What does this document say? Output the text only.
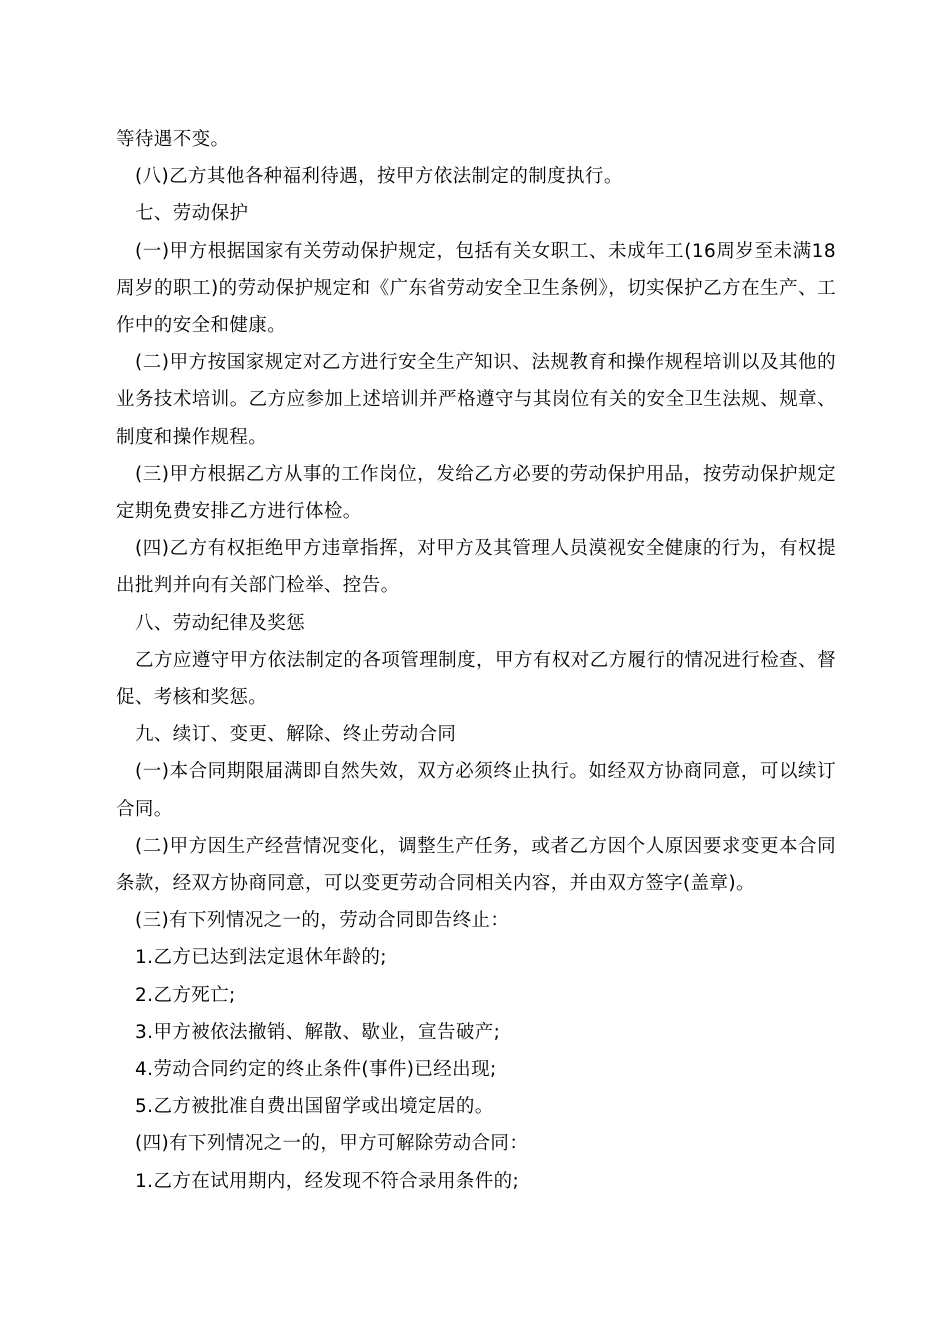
等待遇不变。

(八)乙方其他各种福利待遇，按甲方依法制定的制度执行。

七、劳动保护

(一)甲方根据国家有关劳动保护规定，包括有关女职工、未成年工(16周岁至未满18周岁的职工)的劳动保护规定和《广东省劳动安全卫生条例》，切实保护乙方在生产、工作中的安全和健康。

(二)甲方按国家规定对乙方进行安全生产知识、法规教育和操作规程培训以及其他的业务技术培训。乙方应参加上述培训并严格遵守与其岗位有关的安全卫生法规、规章、制度和操作规程。

(三)甲方根据乙方从事的工作岗位，发给乙方必要的劳动保护用品，按劳动保护规定定期免费安排乙方进行体检。

(四)乙方有权拒绝甲方违章指挥，对甲方及其管理人员漠视安全健康的行为，有权提出批判并向有关部门检举、控告。

八、劳动纪律及奖惩

乙方应遵守甲方依法制定的各项管理制度，甲方有权对乙方履行的情况进行检查、督促、考核和奖惩。

九、续订、变更、解除、终止劳动合同

(一)本合同期限届满即自然失效，双方必须终止执行。如经双方协商同意，可以续订合同。

(二)甲方因生产经营情况变化，调整生产任务，或者乙方因个人原因要求变更本合同条款，经双方协商同意，可以变更劳动合同相关内容，并由双方签字(盖章)。

(三)有下列情况之一的，劳动合同即告终止：

1.乙方已达到法定退休年龄的;

2.乙方死亡;

3.甲方被依法撤销、解散、歇业，宣告破产;

4.劳动合同约定的终止条件(事件)已经出现;

5.乙方被批准自费出国留学或出境定居的。

(四)有下列情况之一的，甲方可解除劳动合同：

1.乙方在试用期内，经发现不符合录用条件的;
